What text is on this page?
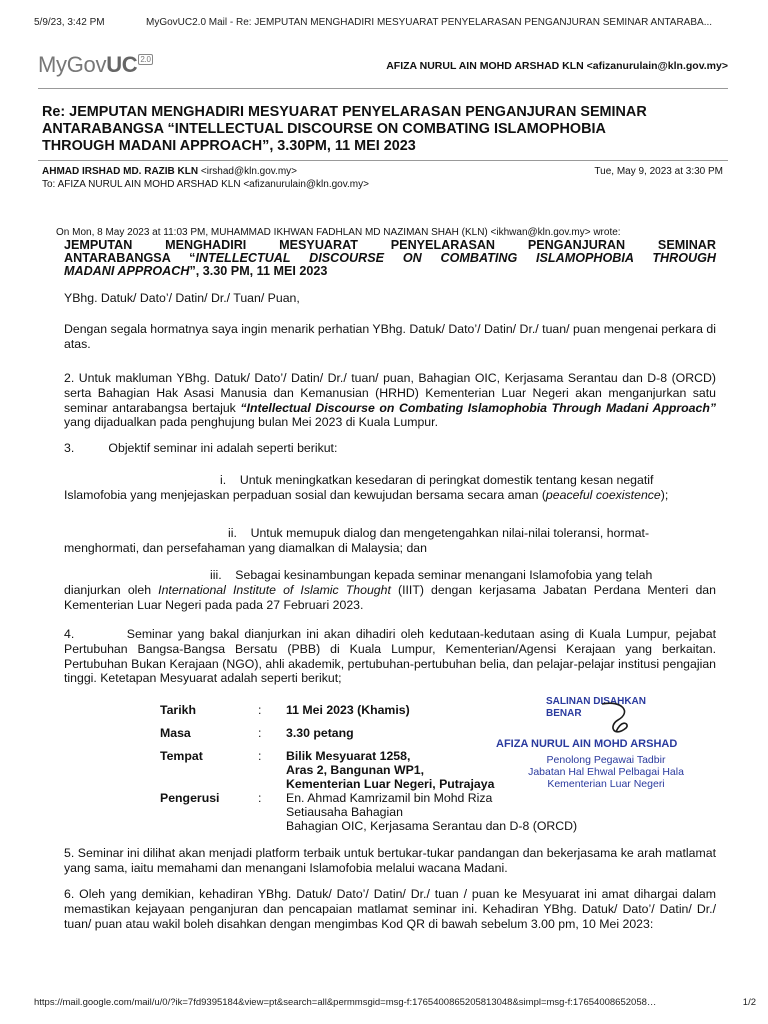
5/9/23, 3:42 PM	MyGovUC2.0 Mail - Re: JEMPUTAN MENGHADIRI MESYUARAT PENYELARASAN PENGANJURAN SEMINAR ANTARABA...
MyGovUC $^{2.0}$
AFIZA NURUL AIN MOHD ARSHAD KLN <afizanurulain@kln.gov.my>
Re: JEMPUTAN MENGHADIRI MESYUARAT PENYELARASAN PENGANJURAN SEMINAR
ANTARABANGSA “INTELLECTUAL DISCOURSE ON COMBATING ISLAMOPHOBIA
THROUGH MADANI APPROACH”, 3.30PM, 11 MEI 2023
AHMAD IRSHAD MD. RAZIB KLN <irshad@kln.gov.my>	Tue, May 9, 2023 at 3:30 PM
To: AFIZA NURUL AIN MOHD ARSHAD KLN <afizanurulain@kln.gov.my>
On Mon, 8 May 2023 at 11:03 PM, MUHAMMAD IKHWAN FADHLAN MD NAZIMAN SHAH (KLN) <ikhwan@kln.gov.my> wrote:
JEMPUTAN MENGHADIRI MESYUARAT PENYELARASAN PENGANJURAN SEMINAR
ANTARABANGSA “INTELLECTUAL DISCOURSE ON COMBATING ISLAMOPHOBIA THROUGH
MADANI APPROACH”, 3.30 PM, 11 MEI 2023
YBhg. Datuk/ Dato’/ Datin/ Dr./ Tuan/ Puan,
Dengan segala hormatnya saya ingin menarik perhatian YBhg. Datuk/ Dato’/ Datin/ Dr./ tuan/ puan mengenai perkara di atas.
2. Untuk makluman YBhg. Datuk/ Dato’/ Datin/ Dr./ tuan/ puan, Bahagian OIC, Kerjasama Serantau dan D-8 (ORCD) serta Bahagian Hak Asasi Manusia dan Kemanusian (HRHD) Kementerian Luar Negeri akan menganjurkan satu seminar antarabangsa bertajuk “Intellectual Discourse on Combating Islamophobia Through Madani Approach” yang dijadualkan pada penghujung bulan Mei 2023 di Kuala Lumpur.
3.          Objektif seminar ini adalah seperti berikut:
i. Untuk meningkatkan kesedaran di peringkat domestik tentang kesan negatif
Islamofobia yang menjejaskan perpaduan sosial dan kewujudan bersama secara aman (peaceful coexistence);
ii. Untuk memupuk dialog dan mengetengahkan nilai-nilai toleransi, hormat-
menghormati, dan persefahaman yang diamalkan di Malaysia; dan
iii. Sebagai kesinambungan kepada seminar menangani Islamofobia yang telah
dianjurkan oleh International Institute of Islamic Thought (IIIT) dengan kerjasama Jabatan Perdana Menteri dan Kementerian Luar Negeri pada pada 27 Februari 2023.
4.          Seminar yang bakal dianjurkan ini akan dihadiri oleh kedutaan-kedutaan asing di Kuala Lumpur, pejabat Pertubuhan Bangsa-Bangsa Bersatu (PBB) di Kuala Lumpur, Kementerian/Agensi Kerajaan yang berkaitan. Pertubuhan Bukan Kerajaan (NGO), ahli akademik, pertubuhan-pertubuhan belia, dan pelajar-pelajar institusi pengajian tinggi. Ketetapan Mesyuarat adalah seperti berikut;
Tarikh	: 11 Mei 2023 (Khamis)
Masa	: 3.30 petang
Tempat	: Bilik Mesyuarat 1258,
Aras 2, Bangunan WP1,
Kementerian Luar Negeri, Putrajaya
Pengerusi	: En. Ahmad Kamrizamil bin Mohd Riza
Setiausaha Bahagian
Bahagian OIC, Kerjasama Serantau dan D-8 (ORCD)
SALINAN DISAHKAN
BENAR
AFIZA NURUL AIN MOHD ARSHAD
Penolong Pegawai Tadbir
Jabatan Hal Ehwal Pelbagai Hala
Kementerian Luar Negeri
5. Seminar ini dilihat akan menjadi platform terbaik untuk bertukar-tukar pandangan dan bekerjasama ke arah matlamat yang sama, iaitu memahami dan menangani Islamofobia melalui wacana Madani.
6. Oleh yang demikian, kehadiran YBhg. Datuk/ Dato’/ Datin/ Dr./ tuan / puan ke Mesyuarat ini amat dihargai dalam memastikan kejayaan penganjuran dan pencapaian matlamat seminar ini. Kehadiran YBhg. Datuk/ Dato’/ Datin/ Dr./ tuan/ puan atau wakil boleh disahkan dengan mengimbas Kod QR di bawah sebelum 3.00 pm, 10 Mei 2023:
https://mail.google.com/mail/u/0/?ik=7fd9395184&view=pt&search=all&permmsgid=msg-f:1765400865205813048&simpl=msg-f:17654008652058…	1/2
